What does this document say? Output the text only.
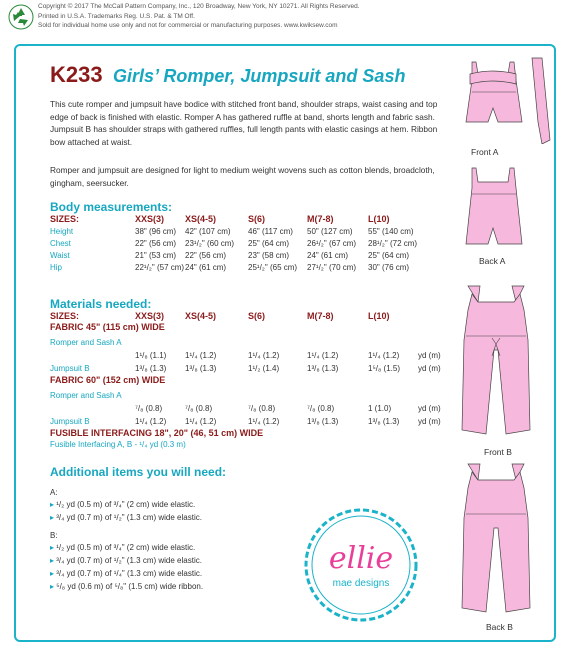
Copyright © 2017 The McCall Pattern Company, Inc., 120 Broadway, New York, NY 10271. All Rights Reserved.
Printed in U.S.A. Trademarks Reg. U.S. Pat. & TM Off.
Sold for individual home use only and not for commercial or manufacturing purposes. www.kwiksew.com
K233 Girls’ Romper, Jumpsuit and Sash
This cute romper and jumpsuit have bodice with stitched front band, shoulder straps, waist casing and top edge of back is finished with elastic. Romper A has gathered ruffle at band, shorts length and fabric sash. Jumpsuit B has shoulder straps with gathered ruffles, full length pants with elastic casings at hem. Ribbon bow attached at waist.
Romper and jumpsuit are designed for light to medium weight wovens such as cotton blends, broadcloth, gingham, seersucker.
Body measurements:
SIZES:	XXS(3) XS(4-5)	S(6)	M(7-8)	L(10)
Height	38" (96 cm) 42" (107 cm) 46" (117 cm) 50" (127 cm) 55" (140 cm)
Chest	22" (56 cm) 23¹/₂" (60 cm) 25" (64 cm) 26¹/₂" (67 cm) 28¹/₂" (72 cm)
Waist	21" (53 cm) 22" (56 cm)	23" (58 cm) 24" (61 cm) 25" (64 cm)
Hip	22¹/₂" (57 cm) 24" (61 cm)	25¹/₂" (65 cm) 27¹/₂" (70 cm) 30" (76 cm)
Materials needed:
SIZES:	XXS(3) XS(4-5)	S(6)	M(7-8)	L(10)
FABRIC 45" (115 cm) WIDE
Romper and Sash A
1¹/₈ (1.1) 1¹/₄ (1.2)	1¹/₄ (1.2)	1¹/₄ (1.2)	1¹/₄ (1.2) yd (m)
Jumpsuit B	1³/₈ (1.3) 1³/₈ (1.3)	1¹/₂ (1.4)	1³/₈ (1.3)	1⁵/₈ (1.5) yd (m)
FABRIC 60" (152 cm) WIDE
Romper and Sash A
⁷/₈ (0.8)	⁷/₈ (0.8)	⁷/₈ (0.8)	⁷/₈ (0.8)	1 (1.0)	yd (m)
Jumpsuit B	1¹/₄ (1.2) 1¹/₄ (1.2)	1¹/₄ (1.2)	1³/₈ (1.3)	1³/₈ (1.3) yd (m)
FUSIBLE INTERFACING 18", 20" (46, 51 cm) WIDE
Fusible Interfacing A, B - ¹/₄ yd (0.3 m)
Additional items you will need:
A:
▸ ¹/₂ yd (0.5 m) of ³/₄" (2 cm) wide elastic.
▸ ³/₄ yd (0.7 m) of ¹/₂" (1.3 cm) wide elastic.
B:
▸ ¹/₂ yd (0.5 m) of ³/₄" (2 cm) wide elastic.
▸ ³/₄ yd (0.7 m) of ¹/₂" (1.3 cm) wide elastic.
▸ ³/₄ yd (0.7 m) of ¹/₄" (1.3 cm) wide elastic.
▸ ⁵/₈ yd (0.6 m) of ⁵/₈" (1.5 cm) wide ribbon.
ellie
mae designs
Front A
Back A
Front B
Back B
